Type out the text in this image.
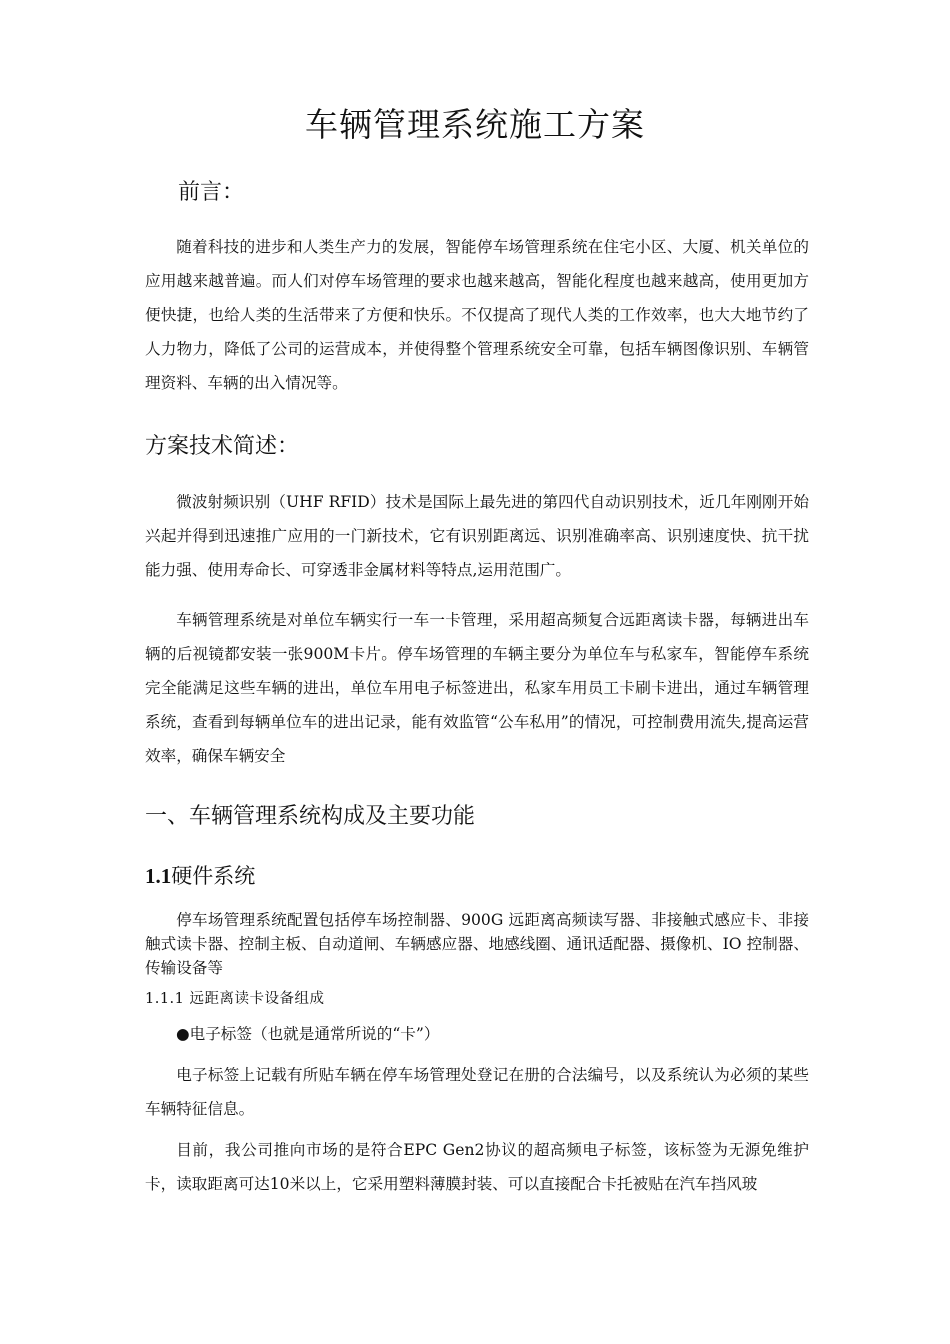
车辆管理系统施工方案
前言：

随着科技的进步和人类生产力的发展，智能停车场管理系统在住宅小区、大厦、机关单位的应用越来越普遍。而人们对停车场管理的要求也越来越高，智能化程度也越来越高，使用更加方便快捷，也给人类的生活带来了方便和快乐。不仅提高了现代人类的工作效率，也大大地节约了人力物力，降低了公司的运营成本，并使得整个管理系统安全可靠，包括车辆图像识别、车辆管理资料、车辆的出入情况等。

方案技术简述：

微波射频识别（UHF RFID）技术是国际上最先进的第四代自动识别技术，近几年刚刚开始兴起并得到迅速推广应用的一门新技术，它有识别距离远、识别准确率高、识别速度快、抗干扰能力强、使用寿命长、可穿透非金属材料等特点,运用范围广。

车辆管理系统是对单位车辆实行一车一卡管理，采用超高频复合远距离读卡器，每辆进出车辆的后视镜都安装一张900M卡片。停车场管理的车辆主要分为单位车与私家车，智能停车系统完全能满足这些车辆的进出，单位车用电子标签进出，私家车用员工卡刷卡进出，通过车辆管理系统，查看到每辆单位车的进出记录，能有效监管“公车私用”的情况，可控制费用流失,提高运营效率，确保车辆安全

一、车辆管理系统构成及主要功能
1.1硬件系统

停车场管理系统配置包括停车场控制器、900G 远距离高频读写器、非接触式感应卡、非接触式读卡器、控制主板、自动道闸、车辆感应器、地感线圈、通讯适配器、摄像机、IO 控制器、传输设备等

1.1.1 远距离读卡设备组成

●电子标签（也就是通常所说的“卡”）

电子标签上记载有所贴车辆在停车场管理处登记在册的合法编号，以及系统认为必须的某些车辆特征信息。

目前，我公司推向市场的是符合EPC Gen2协议的超高频电子标签，该标签为无源免维护卡，读取距离可达10米以上，它采用塑料薄膜封装、可以直接配合卡托被贴在汽车挡风玻
